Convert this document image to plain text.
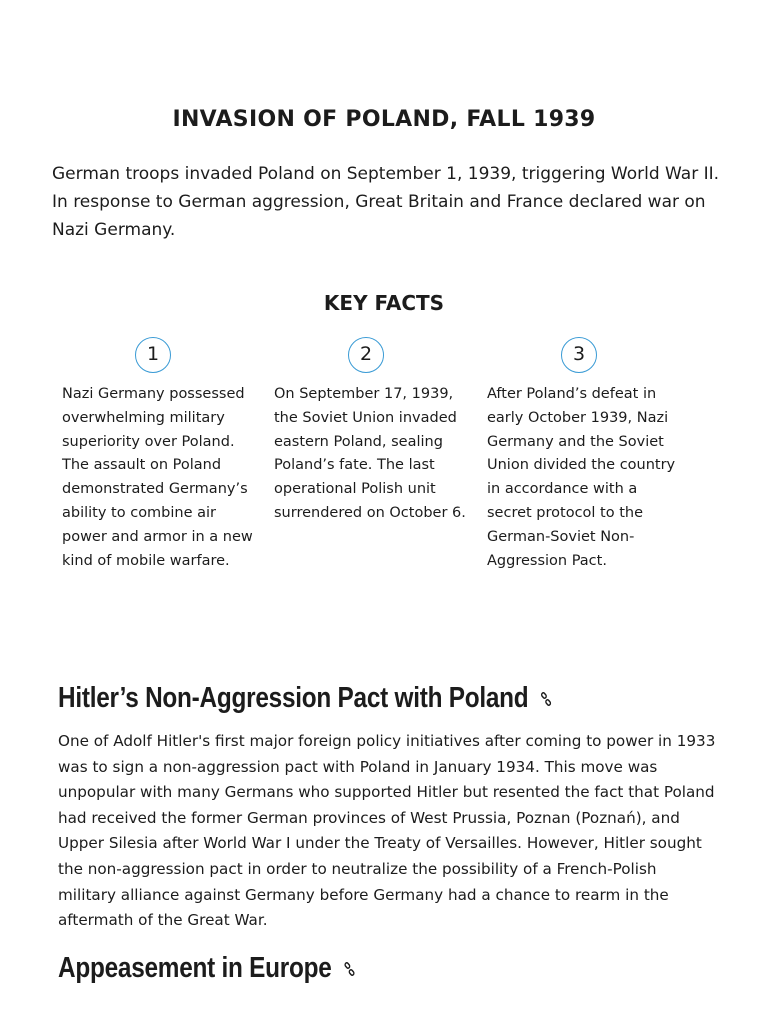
INVASION OF POLAND, FALL 1939

German troops invaded Poland on September 1, 1939, triggering World War II. In response to German aggression, Great Britain and France declared war on Nazi Germany.

KEY FACTS
1

Nazi Germany possessed overwhelming military superiority over Poland. The assault on Poland demonstrated Germany’s ability to combine air power and armor in a new kind of mobile warfare.

2

On September 17, 1939, the Soviet Union invaded eastern Poland, sealing Poland’s fate. The last operational Polish unit surrendered on October 6.

3

After Poland’s defeat in early October 1939, Nazi Germany and the Soviet Union divided the country in accordance with a secret protocol to the German-Soviet Non-Aggression Pact.

Hitler’s Non-Aggression Pact with Poland

One of Adolf Hitler's first major foreign policy initiatives after coming to power in 1933 was to sign a non-aggression pact with Poland in January 1934. This move was unpopular with many Germans who supported Hitler but resented the fact that Poland had received the former German provinces of West Prussia, Poznan (Poznań), and Upper Silesia after World War I under the Treaty of Versailles. However, Hitler sought the non-aggression pact in order to neutralize the possibility of a French-Polish military alliance against Germany before Germany had a chance to rearm in the aftermath of the Great War.

Appeasement in Europe
